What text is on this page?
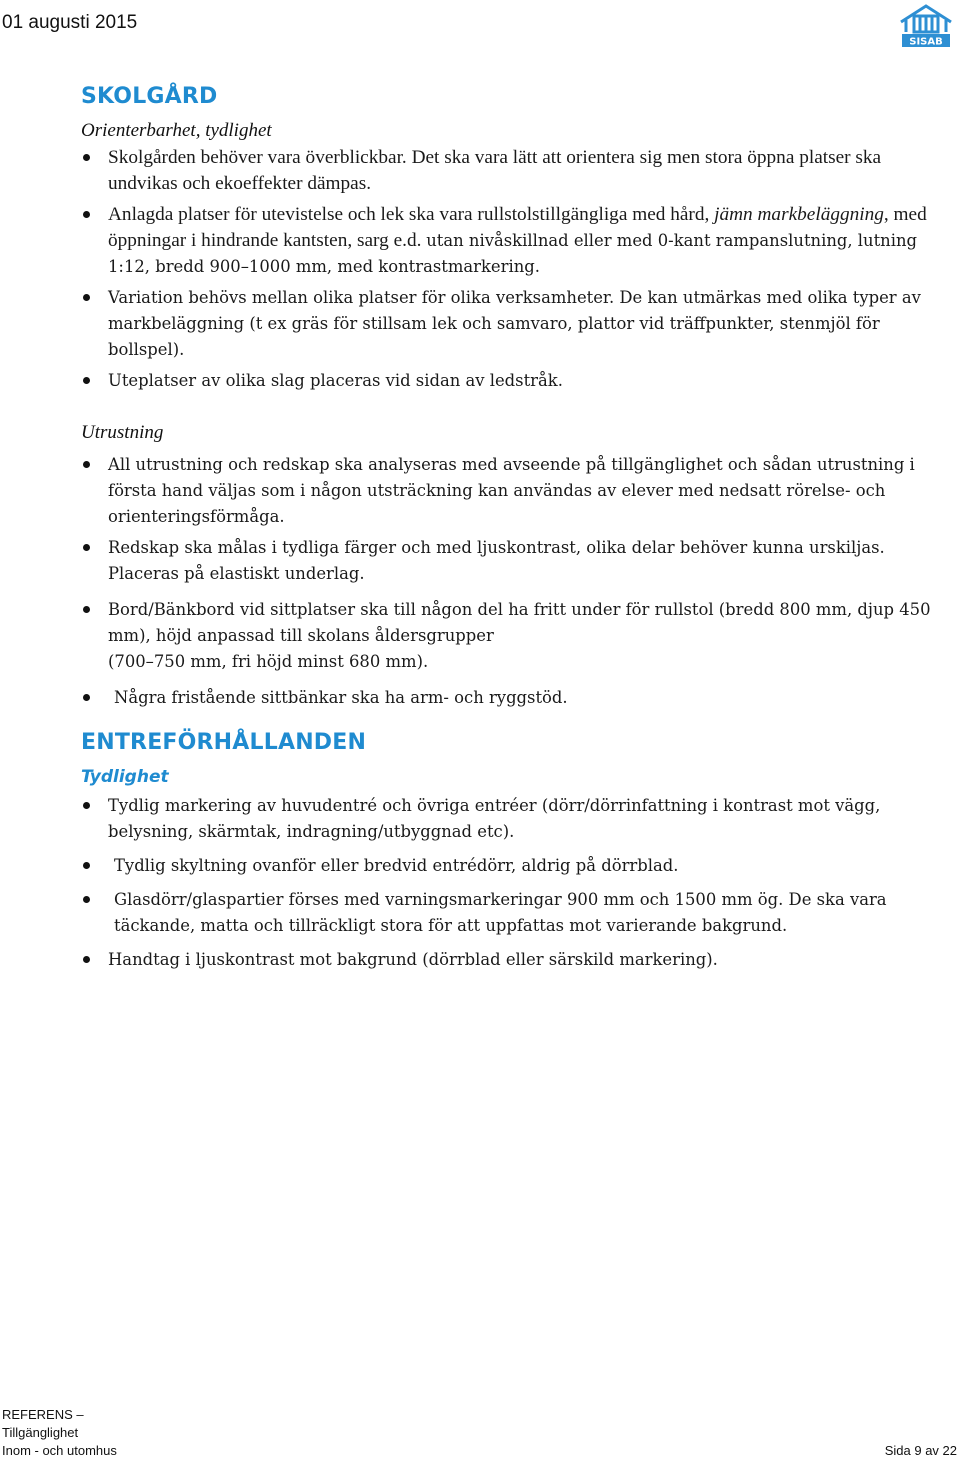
01 augusti 2015
SISAB
SKOLGÅRD
Orienterbarhet, tydlighet
Skolgården behöver vara överblickbar. Det ska vara lätt att orientera sig men stora öppna platser ska undvikas och ekoeffekter dämpas.
Anlagda platser för utevistelse och lek ska vara rullstolstillgängliga med hård, jämn markbeläggning, med öppningar i hindrande kantsten, sarg e.d. utan nivåskillnad eller med 0-kant rampanslutning, lutning 1:12, bredd 900–1000 mm, med kontrastmarkering.
Variation behövs mellan olika platser för olika verksamheter. De kan utmärkas med olika typer av markbeläggning (t ex gräs för stillsam lek och samvaro, plattor vid träffpunkter, stenmjöl för bollspel).
Uteplatser av olika slag placeras vid sidan av ledstråk.
Utrustning
All utrustning och redskap ska analyseras med avseende på tillgänglighet och sådan utrustning i första hand väljas som i någon utsträckning kan användas av elever med nedsatt rörelse- och orienteringsförmåga.
Redskap ska målas i tydliga färger och med ljuskontrast, olika delar behöver kunna urskiljas. Placeras på elastiskt underlag.
Bord/Bänkbord vid sittplatser ska till någon del ha fritt under för rullstol (bredd 800 mm, djup 450 mm), höjd anpassad till skolans åldersgrupper
(700–750 mm, fri höjd minst 680 mm).
Några fristående sittbänkar ska ha arm- och ryggstöd.
ENTREFÖRHÅLLANDEN
Tydlighet
Tydlig markering av huvudentré och övriga entréer (dörr/dörrinfattning i kontrast mot vägg, belysning, skärmtak, indragning/utbyggnad etc).
Tydlig skyltning ovanför eller bredvid entrédörr, aldrig på dörrblad.
Glasdörr/glaspartier förses med varningsmarkeringar 900 mm och 1500 mm ög. De ska vara täckande, matta och tillräckligt stora för att uppfattas mot varierande bakgrund.
Handtag i ljuskontrast mot bakgrund (dörrblad eller särskild markering).
REFERENS –
Tillgänglighet
Inom - och utomhus	Sida 9 av 22
